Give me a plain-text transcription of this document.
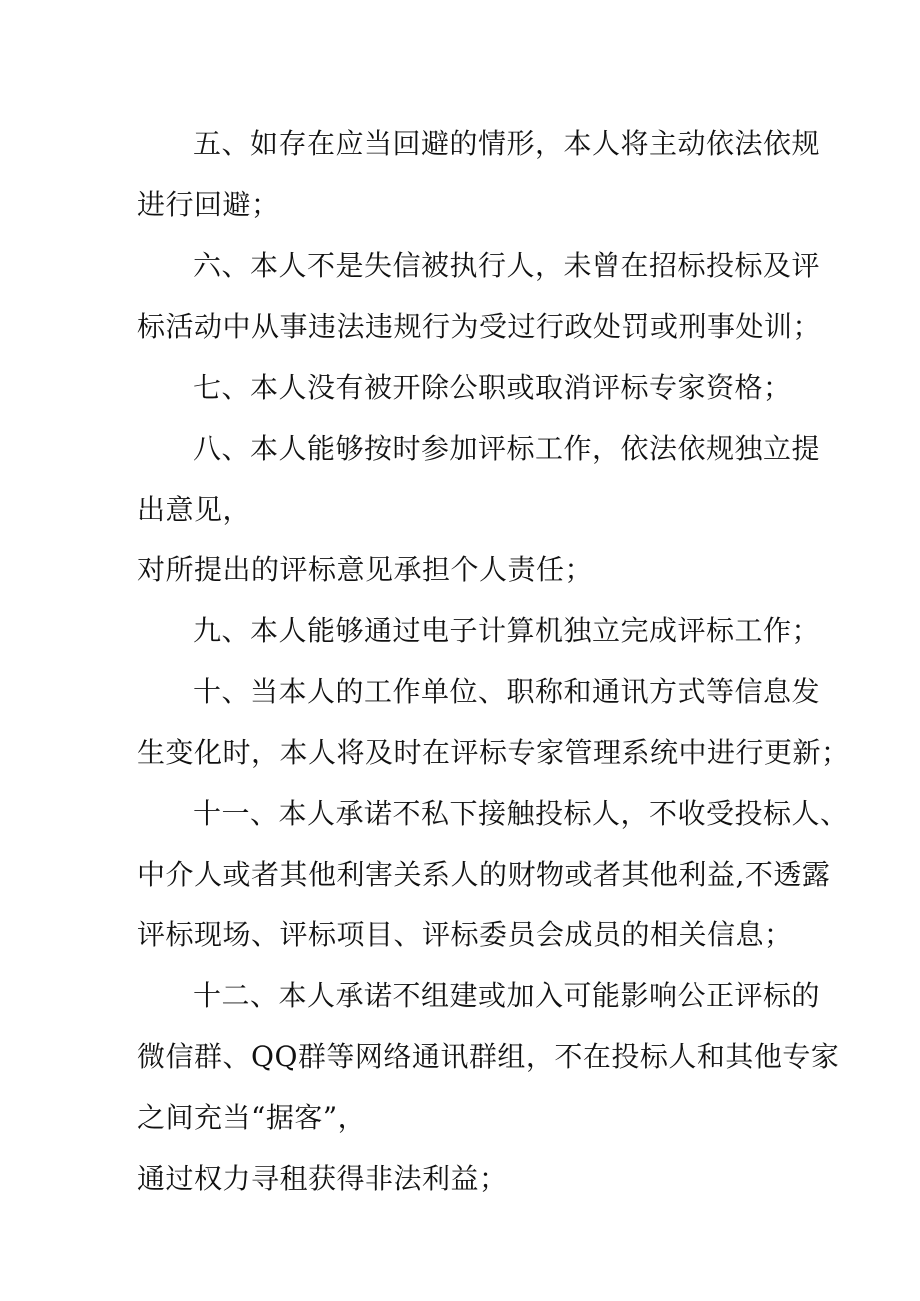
五、如存在应当回避的情形，本人将主动依法依规
进行回避；
六、本人不是失信被执行人，未曾在招标投标及评
标活动中从事违法违规行为受过行政处罚或刑事处训；
七、本人没有被开除公职或取消评标专家资格；
八、本人能够按时参加评标工作，依法依规独立提
出意见，
对所提出的评标意见承担个人责任；
九、本人能够通过电子计算机独立完成评标工作；
十、当本人的工作单位、职称和通讯方式等信息发
生变化时，本人将及时在评标专家管理系统中进行更新；
十一、本人承诺不私下接触投标人，不收受投标人、
中介人或者其他利害关系人的财物或者其他利益,不透露
评标现场、评标项目、评标委员会成员的相关信息；
十二、本人承诺不组建或加入可能影响公正评标的
微信群、QQ群等网络通讯群组，不在投标人和其他专家
之间充当“据客”，
通过权力寻租获得非法利益；
